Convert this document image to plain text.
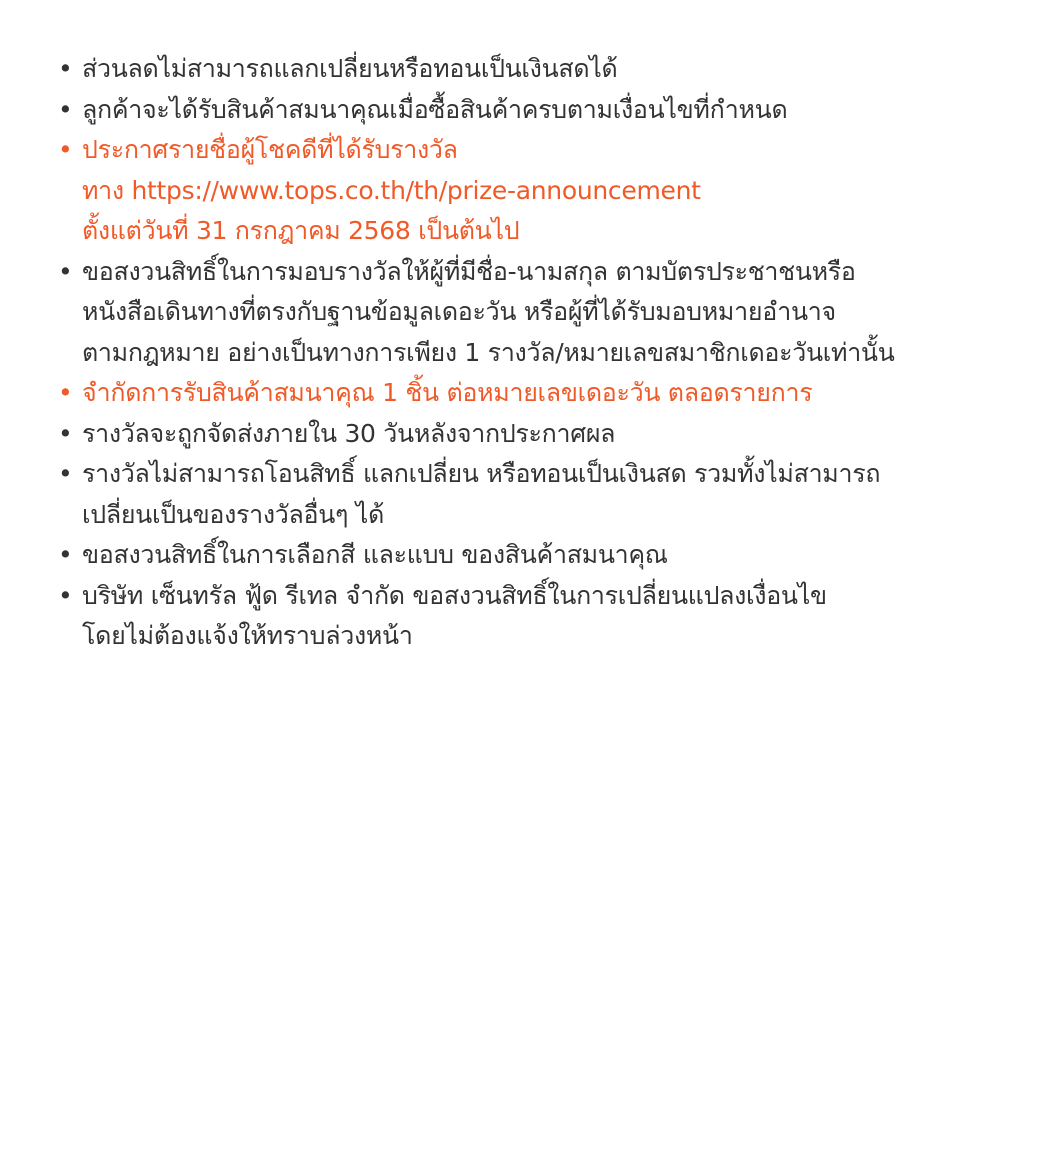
• ส่วนลดไม่สามารถแลกเปลี่ยนหรือทอนเป็นเงินสดได้
• ลูกค้าจะได้รับสินค้าสมนาคุณเมื่อซื้อสินค้าครบตามเงื่อนไขที่กำหนด
• ประกาศรายชื่อผู้โชคดีที่ได้รับรางวัล
ทาง https://www.tops.co.th/th/prize-announcement
ตั้งแต่วันที่ 31 กรกฎาคม 2568 เป็นต้นไป
• ขอสงวนสิทธิ์ในการมอบรางวัลให้ผู้ที่มีชื่อ-นามสกุล ตามบัตรประชาชนหรือ
หนังสือเดินทางที่ตรงกับฐานข้อมูลเดอะวัน หรือผู้ที่ได้รับมอบหมายอำนาจ
ตามกฎหมาย อย่างเป็นทางการเพียง 1 รางวัล/หมายเลขสมาชิกเดอะวันเท่านั้น
• จำกัดการรับสินค้าสมนาคุณ 1 ชิ้น ต่อหมายเลขเดอะวัน ตลอดรายการ
• รางวัลจะถูกจัดส่งภายใน 30 วันหลังจากประกาศผล
• รางวัลไม่สามารถโอนสิทธิ์ แลกเปลี่ยน หรือทอนเป็นเงินสด รวมทั้งไม่สามารถ
เปลี่ยนเป็นของรางวัลอื่นๆ ได้
• ขอสงวนสิทธิ์ในการเลือกสี และแบบ ของสินค้าสมนาคุณ
• บริษัท เซ็นทรัล ฟู้ด รีเทล จำกัด ขอสงวนสิทธิ์ในการเปลี่ยนแปลงเงื่อนไข
โดยไม่ต้องแจ้งให้ทราบล่วงหน้า
